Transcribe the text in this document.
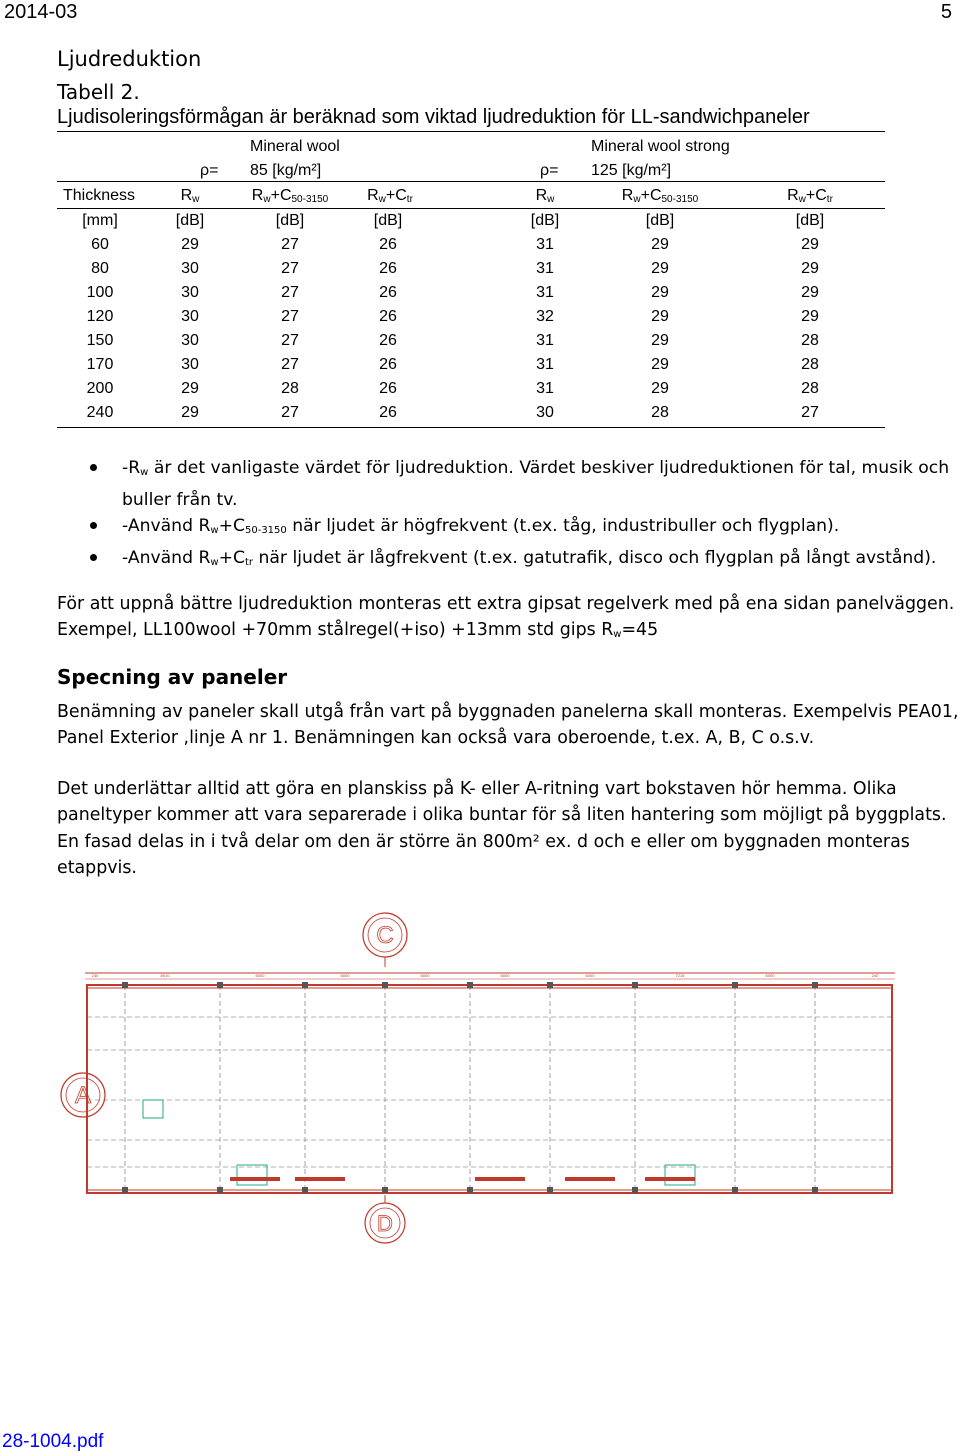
2014-03	5
Ljudreduktion
Tabell 2.
Ljudisoleringsförmågan är beräknad som viktad ljudreduktion för LL-sandwichpaneler
Mineral wool
ρ= 85 [kg/m²]
Mineral wool strong
ρ= 125 [kg/m²]
Thickness	$R_w$	$R_w+C_{50-3150}$	$R_w+C_{tr}$	$R_w$	$R_w+C_{50-3150}$	$R_w+C_{tr}$
[mm]	[dB]	[dB]	[dB]	[dB]	[dB]	[dB]
60	29	27	26	31	29	29
80	30	27	26	31	29	29
100	30	27	26	31	29	29
120	30	27	26	32	29	29
150	30	27	26	31	29	28
170	30	27	26	31	29	28
200	29	28	26	31	29	28
240	29	27	26	30	28	27
$-R_w$ är det vanligaste värdet för ljudreduktion. Värdet beskiver ljudreduktionen för tal, musik och buller från tv.
-Använd $R_w+C_{50-3150}$ när ljudet är högfrekvent (t.ex. tåg, industribuller och flygplan).
-Använd $R_w+C_{tr}$ när ljudet är lågfrekvent (t.ex. gatutrafik, disco och flygplan på långt avstånd).
För att uppnå bättre ljudreduktion monteras ett extra gipsat regelverk med på ena sidan panelväggen. Exempel, LL100wool +70mm stålregel(+iso) +13mm std gips $R_w=45$
Specning av paneler
Benämning av paneler skall utgå från vart på byggnaden panelerna skall monteras. Exempelvis PEA01, Panel Exterior ,linje A nr 1. Benämningen kan också vara oberoende, t.ex. A, B, C o.s.v.
Det underlättar alltid att göra en planskiss på K- eller A-ritning vart bokstaven hör hemma. Olika paneltyper kommer att vara separerade i olika buntar för så liten hantering som möjligt på byggplats. En fasad delas in i två delar om den är större än 800m² ex. d och e eller om byggnaden monteras etappvis.
C
A
D
240	8010	6000	6000	6000	6000	6000	7215	6000	240
28-1004.pdf
